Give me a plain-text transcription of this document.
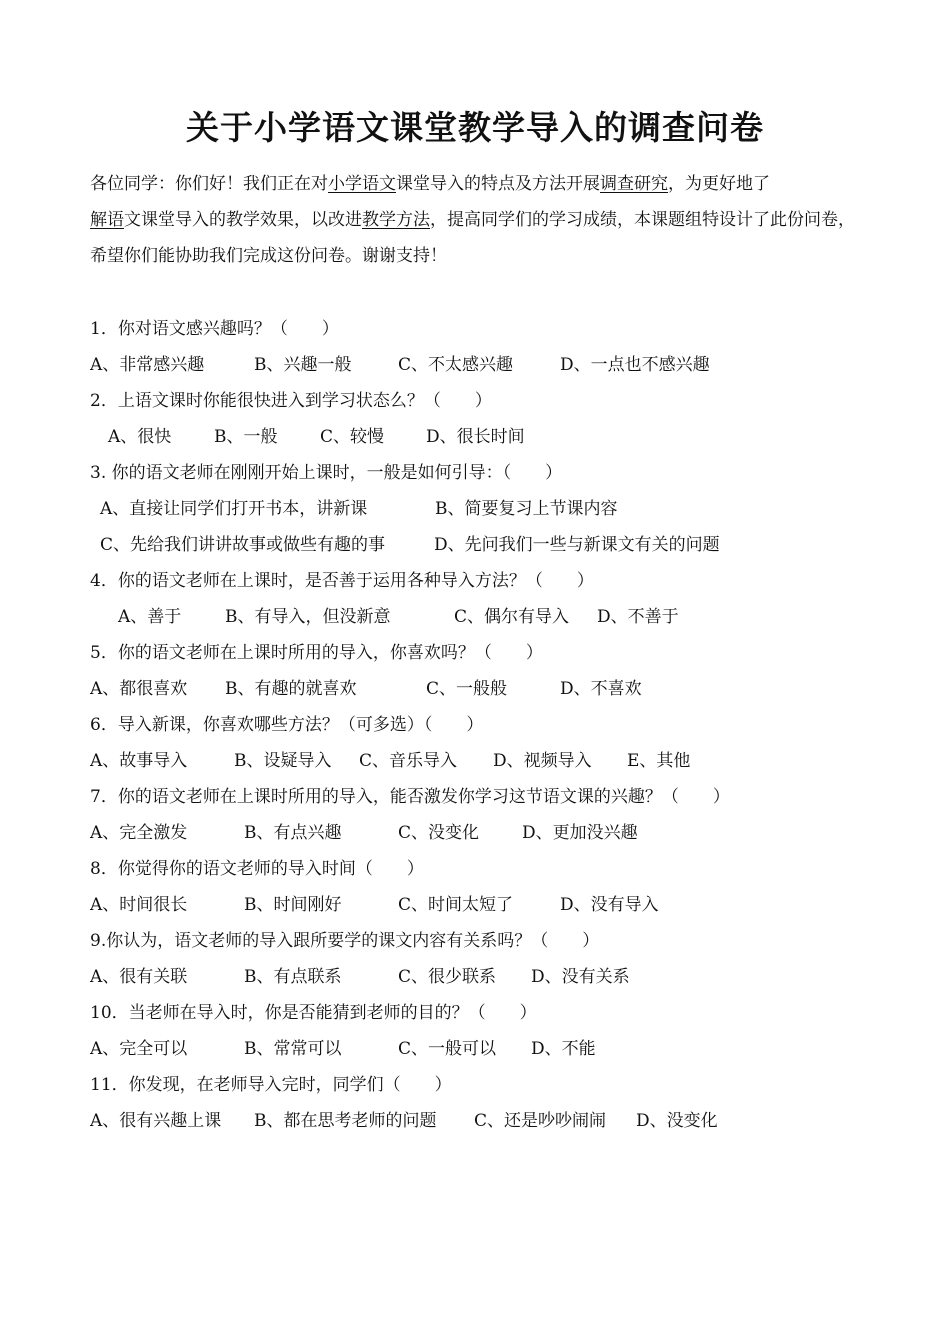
关于小学语文课堂教学导入的调查问卷

各位同学：你们好！我们正在对小学语文课堂导入的特点及方法开展调查研究，为更好地了
解语文课堂导入的教学效果，以改进教学方法，提高同学们的学习成绩，本课题组特设计了此份问卷，希望你们能协助我们完成这份问卷。谢谢支持！

1．你对语文感兴趣吗？（　　）
A、非常感兴趣	B、兴趣一般	C、不太感兴趣	D、一点也不感兴趣
2．上语文课时你能很快进入到学习状态么？（　　）
A、很快	B、一般	C、较慢 D、很长时间
3. 你的语文老师在刚刚开始上课时，一般是如何引导：（　　）
A、直接让同学们打开书本，讲新课	B、简要复习上节课内容
C、先给我们讲讲故事或做些有趣的事	D、先问我们一些与新课文有关的问题
4．你的语文老师在上课时，是否善于运用各种导入方法？（　　）
A、善于	B、有导入，但没新意	C、偶尔有导入 D、不善于
5．你的语文老师在上课时所用的导入，你喜欢吗？（　　）
A、都很喜欢 B、有趣的就喜欢	C、一般般	D、不喜欢
6．导入新课，你喜欢哪些方法？（可多选）（　　）
A、故事导入	B、设疑导入 C、音乐导入 D、视频导入 E、其他
7．你的语文老师在上课时所用的导入，能否激发你学习这节语文课的兴趣？（　　）
A、完全激发	B、有点兴趣	C、没变化	D、更加没兴趣
8．你觉得你的语文老师的导入时间（　　）
A、时间很长	B、时间刚好	C、时间太短了	D、没有导入
9.你认为，语文老师的导入跟所要学的课文内容有关系吗？（　　）
A、很有关联	B、有点联系	C、很少联系 D、没有关系
10．当老师在导入时，你是否能猜到老师的目的？（　　）
A、完全可以	B、常常可以	C、一般可以 D、不能
11．你发现，在老师导入完时，同学们（　　）
A、很有兴趣上课 B、都在思考老师的问题 C、还是吵吵闹闹 D、没变化
